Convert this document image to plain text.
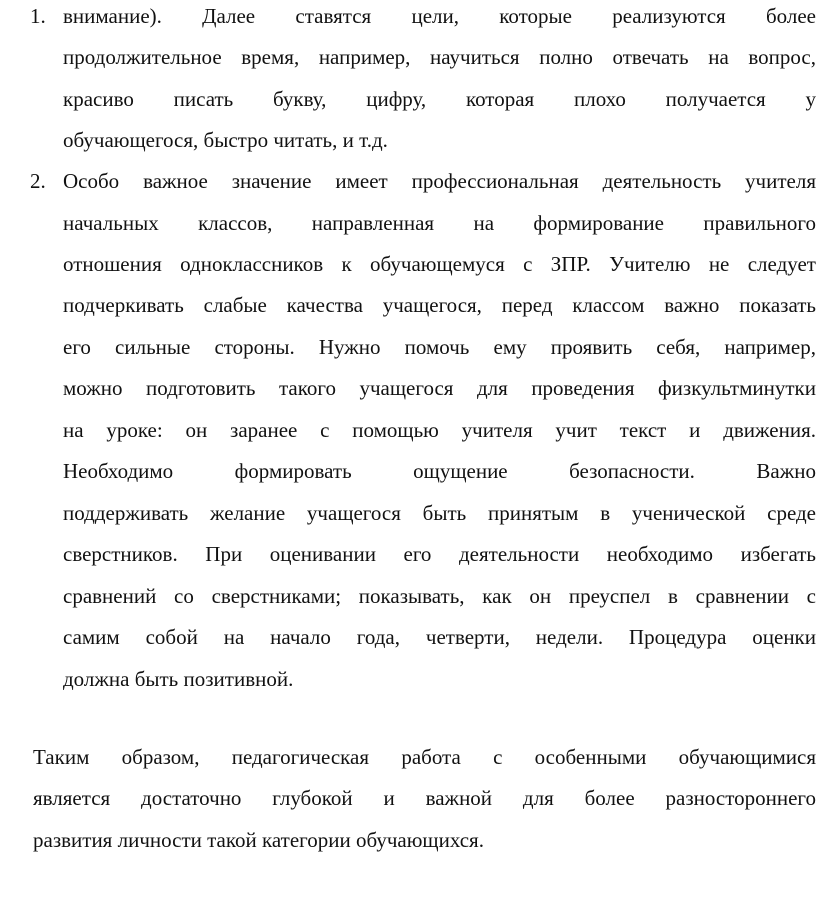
1. внимание). Далее ставятся цели, которые реализуются более
продолжительное время, например, научиться полно отвечать на вопрос,
красиво писать букву, цифру, которая плохо получается у
обучающегося, быстро читать, и т.д.
2. Особо важное значение имеет профессиональная деятельность учителя
начальных классов, направленная на формирование правильного
отношения одноклассников к обучающемуся с ЗПР. Учителю не следует
подчеркивать слабые качества учащегося, перед классом важно показать
его сильные стороны. Нужно помочь ему проявить себя, например,
можно подготовить такого учащегося для проведения физкультминутки
на уроке: он заранее с помощью учителя учит текст и движения.
Необходимо формировать ощущение безопасности. Важно
поддерживать желание учащегося быть принятым в ученической среде
сверстников. При оценивании его деятельности необходимо избегать
сравнений со сверстниками; показывать, как он преуспел в сравнении с
самим собой на начало года, четверти, недели. Процедура оценки
должна быть позитивной.
Таким образом, педагогическая работа с особенными обучающимися
является достаточно глубокой и важной для более разностороннего
развития личности такой категории обучающихся.
